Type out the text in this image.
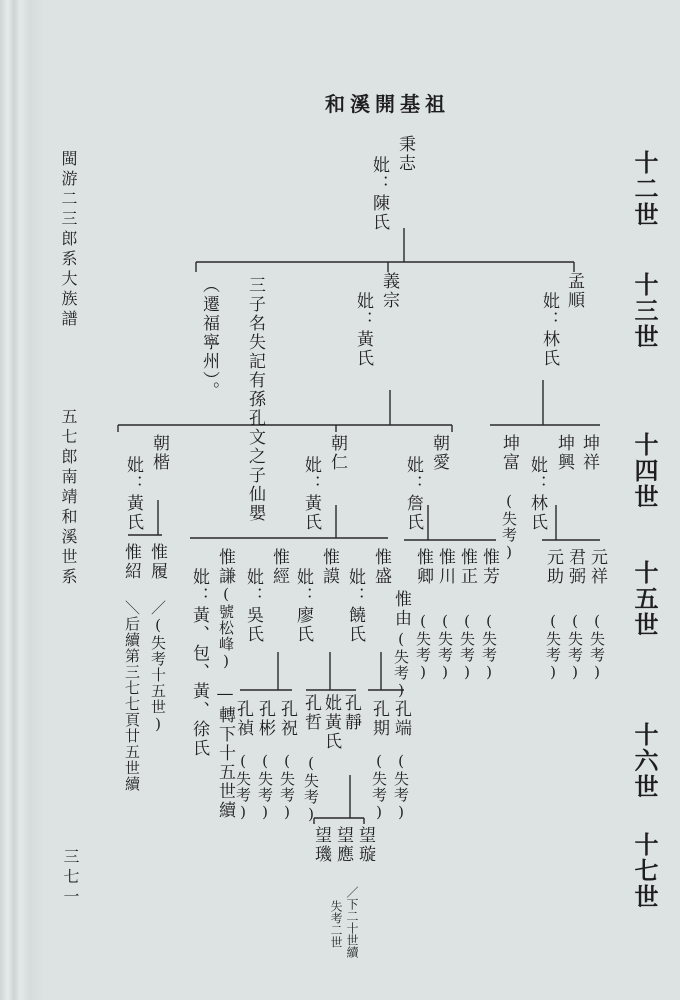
閩游二三郎系大族譜
五七郎南靖和溪世系
三七一
和溪開基祖
十二世
十三世
十四世
十五世
十六世
十七世
秉志
妣：陳氏
孟順
妣：林氏
義宗
妣：黃氏
三子名失記有孫孔文之子仙嬰
（遷福寧州）。
坤祥
坤興
妣：林氏
坤富
(失考)
朝愛
妣：詹氏
朝仁
妣：黃氏
朝楷
妣：黃氏
元祥
(失考)
君弼
(失考)
元助
(失考)
惟芳
(失考)
惟正
(失考)
惟川
(失考)
惟卿
(失考)
惟由
(失考)
惟盛
妣：饒氏
惟謨
妣：廖氏
惟經
妣：吳氏
惟謙
(號松峰)
—轉下十五世續
妣：黃、包、黃、徐氏
惟履
／(失考十五世)
惟紹
＼后續第三七七頁廿五世續	孔端
(失考)
孔期
(失考)
孔靜
妣黃氏
孔哲
(失考)
孔祝
(失考)
孔彬
(失考)
孔禎
(失考)
望璇
／下二十世續
望應
望璣
失考二世
